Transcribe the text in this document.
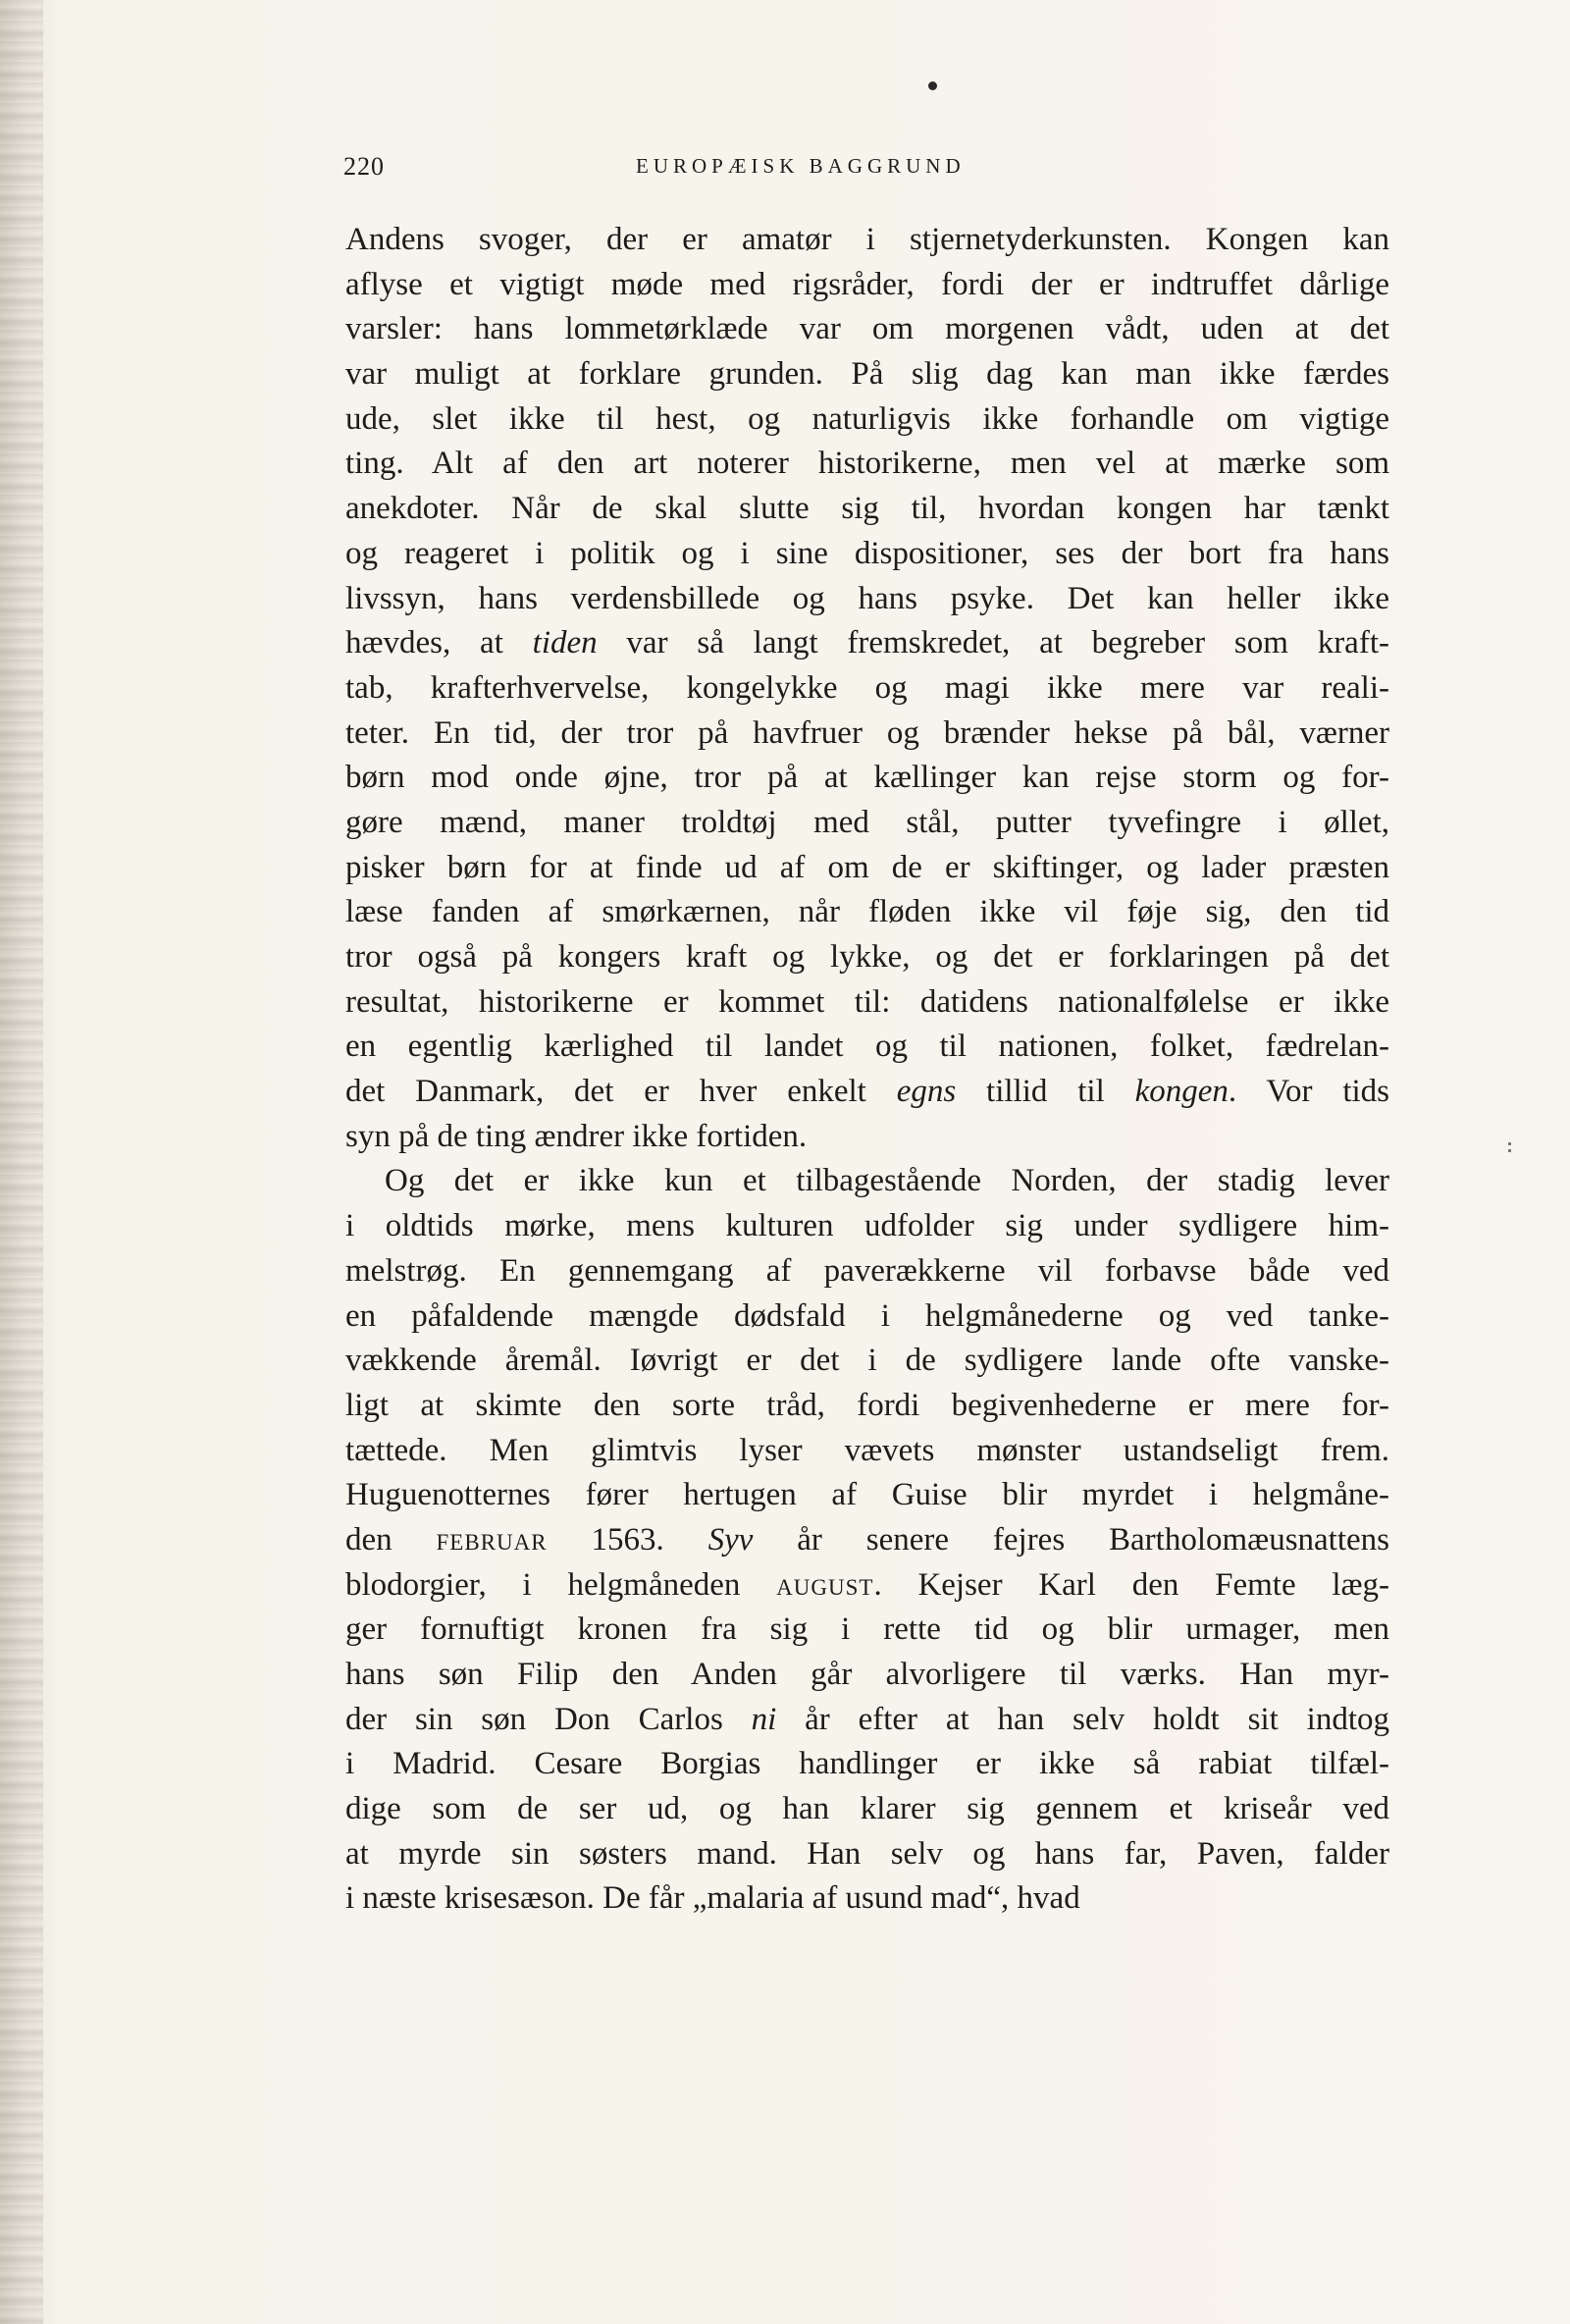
220	EUROPÆISK BAGGRUND
Andens svoger, der er amatør i stjernetyderkunsten. Kongen kan
aflyse et vigtigt møde med rigsråder, fordi der er indtruffet dårlige
varsler: hans lommetørklæde var om morgenen vådt, uden at det
var muligt at forklare grunden. På slig dag kan man ikke færdes
ude, slet ikke til hest, og naturligvis ikke forhandle om vigtige
ting. Alt af den art noterer historikerne, men vel at mærke som
anekdoter. Når de skal slutte sig til, hvordan kongen har tænkt
og reageret i politik og i sine dispositioner, ses der bort fra hans
livssyn, hans verdensbillede og hans psyke. Det kan heller ikke
hævdes, at tiden var så langt fremskredet, at begreber som kraft-
tab, krafterhvervelse, kongelykke og magi ikke mere var reali-
teter. En tid, der tror på havfruer og brænder hekse på bål, værner
børn mod onde øjne, tror på at kællinger kan rejse storm og for-
gøre mænd, maner troldtøj med stål, putter tyvefingre i øllet,
pisker børn for at finde ud af om de er skiftinger, og lader præsten
læse fanden af smørkærnen, når fløden ikke vil føje sig, den tid
tror også på kongers kraft og lykke, og det er forklaringen på det
resultat, historikerne er kommet til: datidens nationalfølelse er ikke
en egentlig kærlighed til landet og til nationen, folket, fædrelan-
det Danmark, det er hver enkelt egns tillid til kongen. Vor tids
syn på de ting ændrer ikke fortiden.
Og det er ikke kun et tilbagestående Norden, der stadig lever
i oldtids mørke, mens kulturen udfolder sig under sydligere him-
melstrøg. En gennemgang af paverækkerne vil forbavse både ved
en påfaldende mængde dødsfald i helgmånederne og ved tanke-
vækkende åremål. Iøvrigt er det i de sydligere lande ofte vanske-
ligt at skimte den sorte tråd, fordi begivenhederne er mere for-
tættede. Men glimtvis lyser vævets mønster ustandseligt frem.
Huguenotternes fører hertugen af Guise blir myrdet i helgmåne-
den februar 1563. Syv år senere fejres Bartholomæusnattens
blodorgier, i helgmåneden august. Kejser Karl den Femte læg-
ger fornuftigt kronen fra sig i rette tid og blir urmager, men
hans søn Filip den Anden går alvorligere til værks. Han myr-
der sin søn Don Carlos ni år efter at han selv holdt sit indtog
i Madrid. Cesare Borgias handlinger er ikke så rabiat tilfæl-
dige som de ser ud, og han klarer sig gennem et kriseår ved
at myrde sin søsters mand. Han selv og hans far, Paven, falder
i næste krisesæson. De får „malaria af usund mad“, hvad
